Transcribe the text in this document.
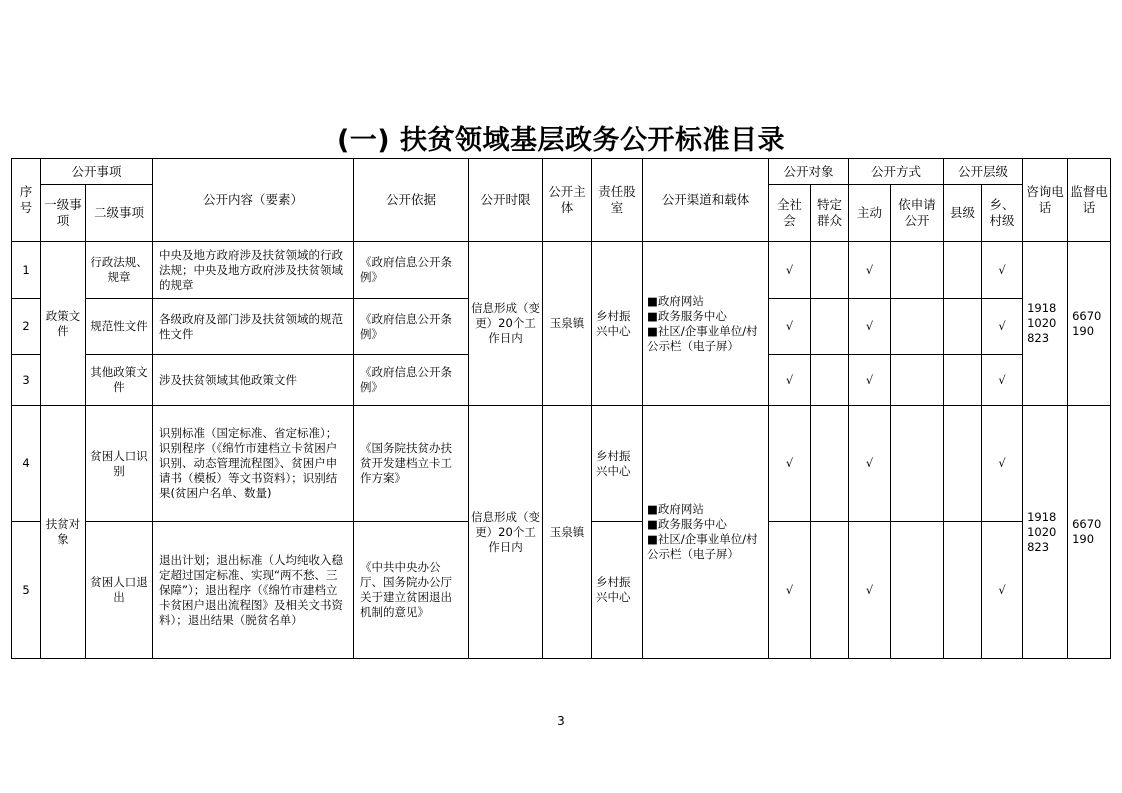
(一) 扶贫领域基层政务公开标准目录
序号	公开事项		公开内容（要素）	公开依据	公开时限	公开主体	责任股室	公开渠道和载体	公开对象		公开方式		公开层级		咨询电话	监督电话
	一级事项	二级事项							全社会	特定群众	主动	依申请公开	县级	乡、村级		
1	政策文件	行政法规、规章	中央及地方政府涉及扶贫领域的行政法规；中央及地方政府涉及扶贫领域的规章	《政府信息公开条例》	信息形成（变更）20个工作日内	玉泉镇	乡村振兴中心	■政府网站
■政务服务中心
■社区/企事业单位/村公示栏（电子屏）	√		√			√	19181020823	6670190
2		规范性文件	各级政府及部门涉及扶贫领域的规范性文件	《政府信息公开条例》					√		√			√		
3		其他政策文件	涉及扶贫领域其他政策文件	《政府信息公开条例》					√		√			√		
4	扶贫对象	贫困人口识别	识别标准（国定标准、省定标准）；识别程序（《绵竹市建档立卡贫困户识别、动态管理流程图》、贫困户申请书（模板）等文书资料）；识别结果(贫困户名单、数量)	《国务院扶贫办扶贫开发建档立卡工作方案》	信息形成（变更）20个工作日内	玉泉镇	乡村振兴中心	■政府网站
■政务服务中心
■社区/企事业单位/村公示栏（电子屏）	√		√			√	19181020823	6670190
5		贫困人口退出	退出计划；退出标准（人均纯收入稳定超过国定标准、实现“两不愁、三保障”）；退出程序（《绵竹市建档立卡贫困户退出流程图》及相关文书资料）；退出结果（脱贫名单）	《中共中央办公厅、国务院办公厅关于建立贫困退出机制的意见》			乡村振兴中心		√		√			√		
3
